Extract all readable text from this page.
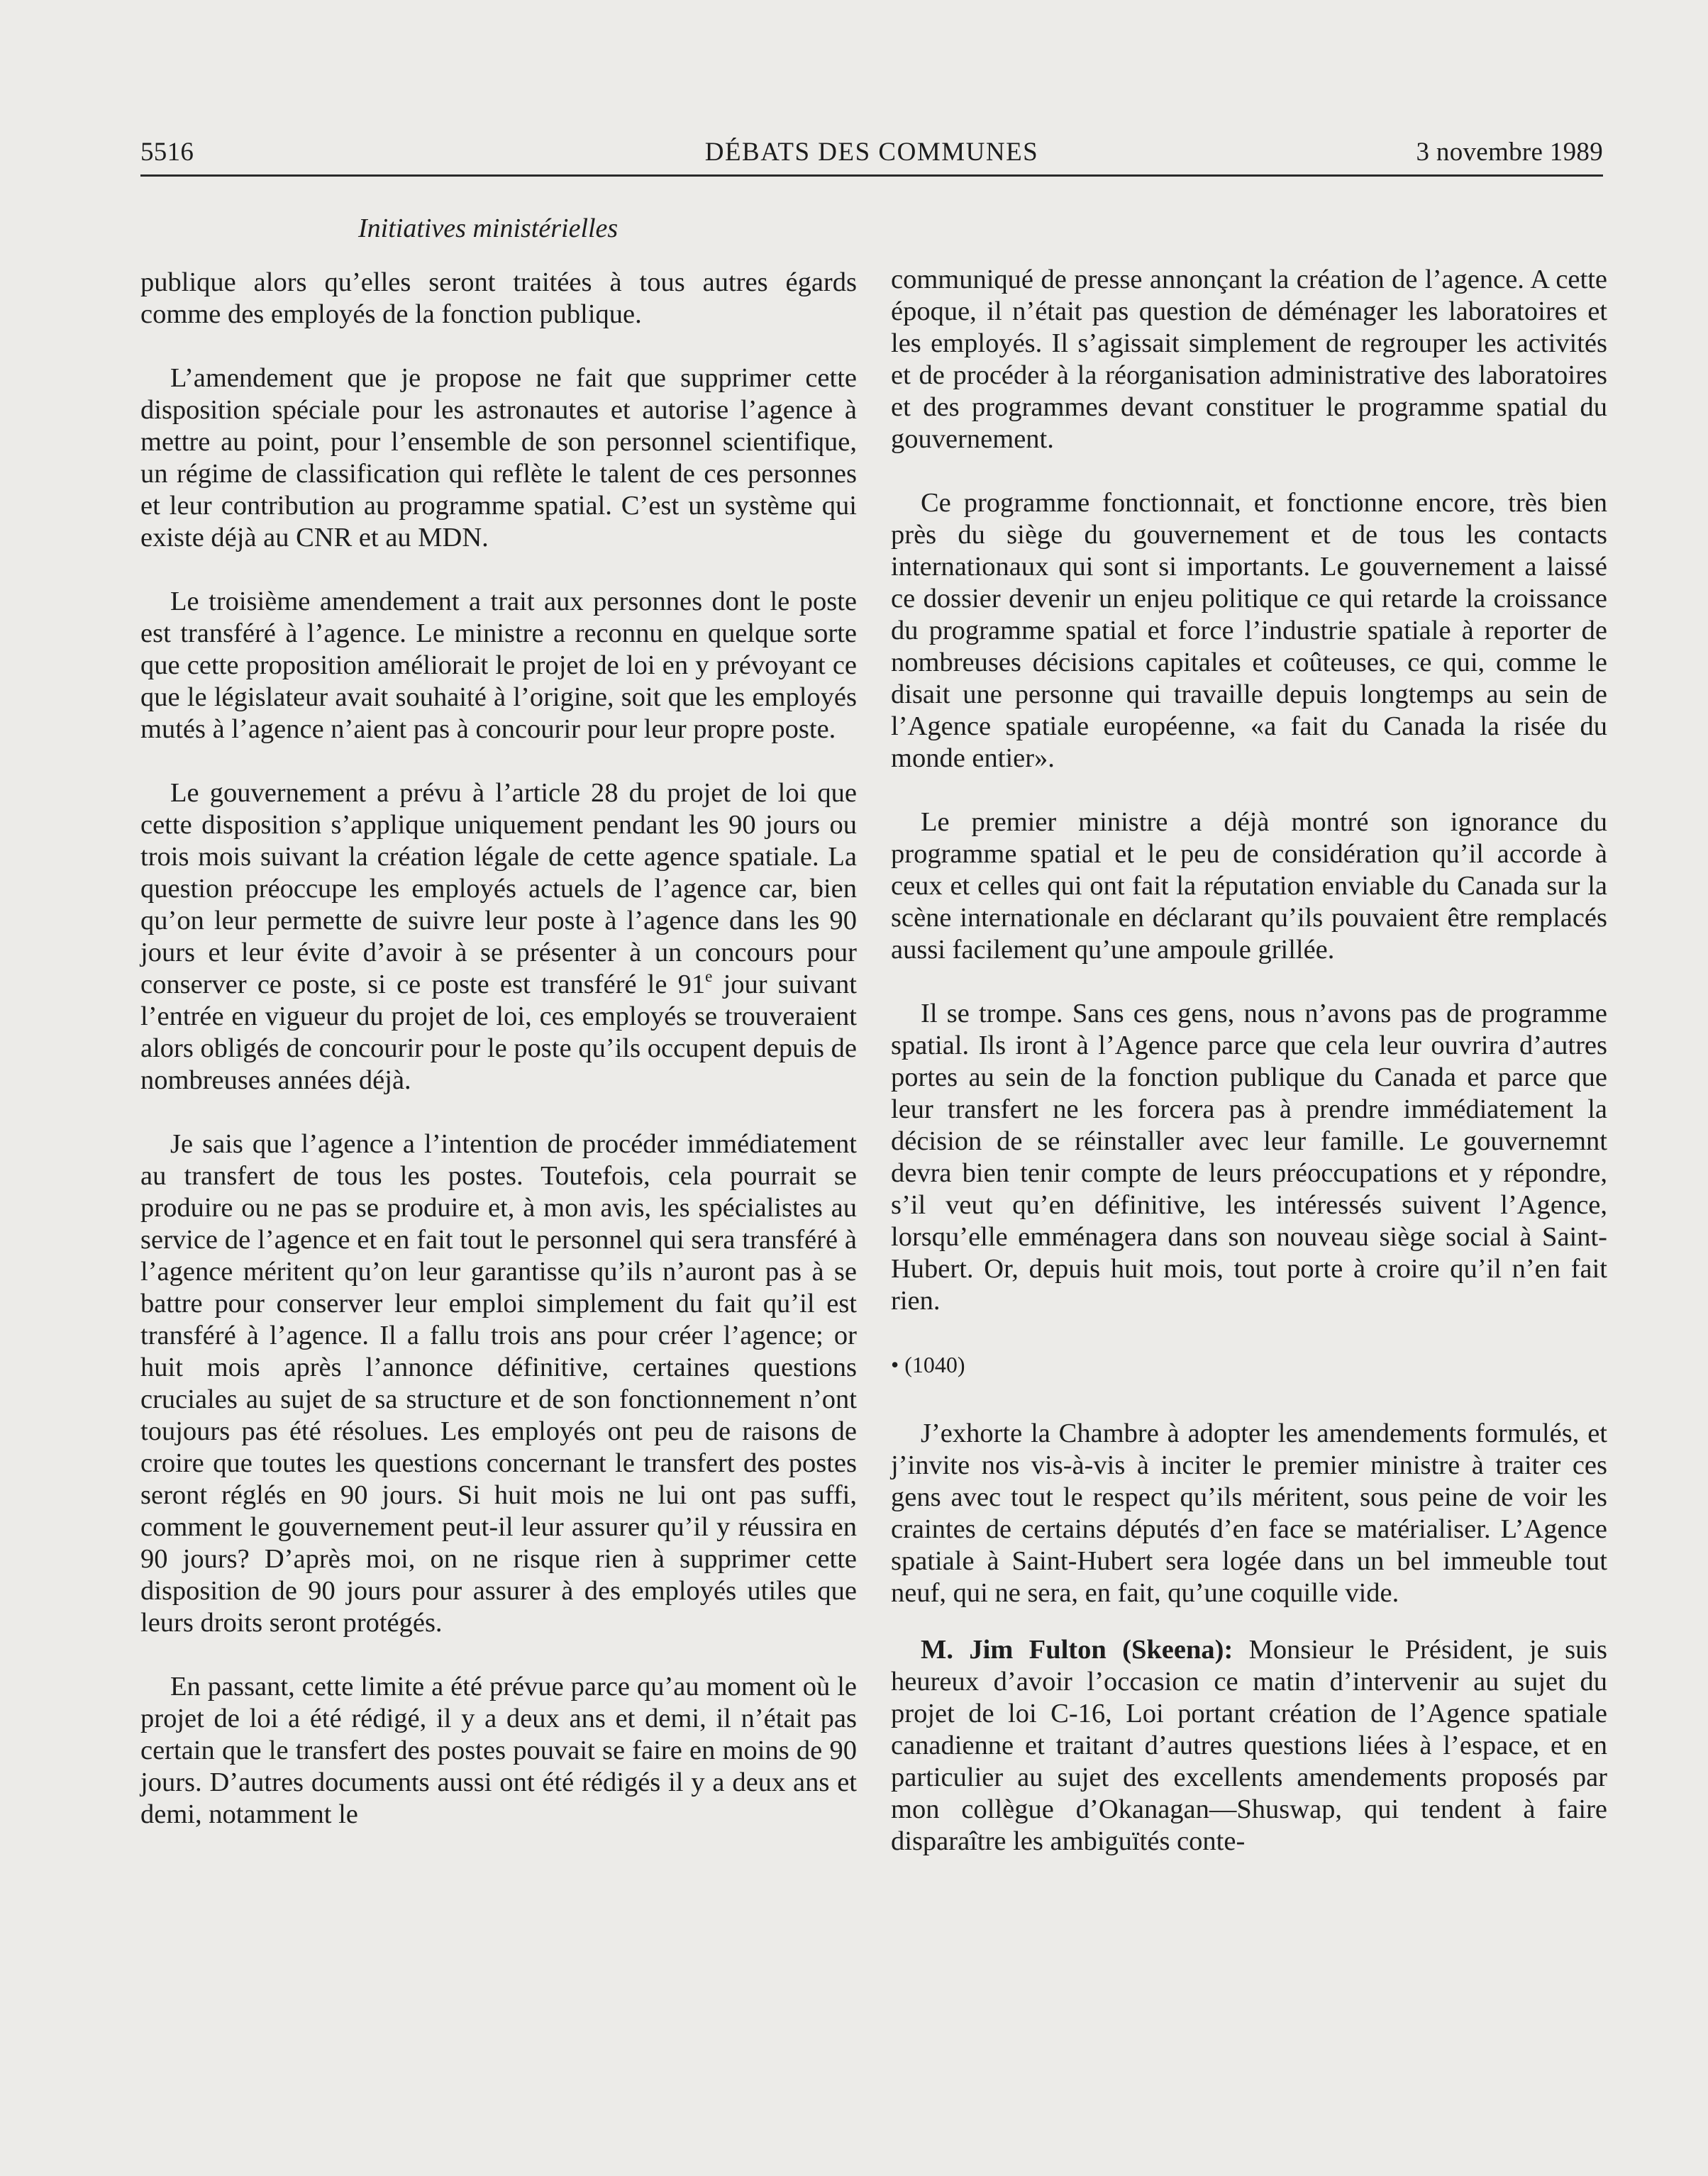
5516	DÉBATS DES COMMUNES	3 novembre 1989
Initiatives ministérielles

publique alors qu’elles seront traitées à tous autres égards comme des employés de la fonction publique.

L’amendement que je propose ne fait que supprimer cette disposition spéciale pour les astronautes et autorise l’agence à mettre au point, pour l’ensemble de son personnel scientifique, un régime de classification qui reflète le talent de ces personnes et leur contribution au programme spatial. C’est un système qui existe déjà au CNR et au MDN.

Le troisième amendement a trait aux personnes dont le poste est transféré à l’agence. Le ministre a reconnu en quelque sorte que cette proposition améliorait le projet de loi en y prévoyant ce que le législateur avait souhaité à l’origine, soit que les employés mutés à l’agence n’aient pas à concourir pour leur propre poste.

Le gouvernement a prévu à l’article 28 du projet de loi que cette disposition s’applique uniquement pendant les 90 jours ou trois mois suivant la création légale de cette agence spatiale. La question préoccupe les employés actuels de l’agence car, bien qu’on leur permette de suivre leur poste à l’agence dans les 90 jours et leur évite d’avoir à se présenter à un concours pour conserver ce poste, si ce poste est transféré le 91e jour suivant l’entrée en vigueur du projet de loi, ces employés se trouveraient alors obligés de concourir pour le poste qu’ils occupent depuis de nombreuses années déjà.

Je sais que l’agence a l’intention de procéder immédiatement au transfert de tous les postes. Toutefois, cela pourrait se produire ou ne pas se produire et, à mon avis, les spécialistes au service de l’agence et en fait tout le personnel qui sera transféré à l’agence méritent qu’on leur garantisse qu’ils n’auront pas à se battre pour conserver leur emploi simplement du fait qu’il est transféré à l’agence. Il a fallu trois ans pour créer l’agence; or huit mois après l’annonce définitive, certaines questions cruciales au sujet de sa structure et de son fonctionnement n’ont toujours pas été résolues. Les employés ont peu de raisons de croire que toutes les questions concernant le transfert des postes seront réglés en 90 jours. Si huit mois ne lui ont pas suffi, comment le gouvernement peut-il leur assurer qu’il y réussira en 90 jours? D’après moi, on ne risque rien à supprimer cette disposition de 90 jours pour assurer à des employés utiles que leurs droits seront protégés.

En passant, cette limite a été prévue parce qu’au moment où le projet de loi a été rédigé, il y a deux ans et demi, il n’était pas certain que le transfert des postes pouvait se faire en moins de 90 jours. D’autres documents aussi ont été rédigés il y a deux ans et demi, notamment le

communiqué de presse annonçant la création de l’agence. A cette époque, il n’était pas question de déménager les laboratoires et les employés. Il s’agissait simplement de regrouper les activités et de procéder à la réorganisation administrative des laboratoires et des programmes devant constituer le programme spatial du gouvernement.

Ce programme fonctionnait, et fonctionne encore, très bien près du siège du gouvernement et de tous les contacts internationaux qui sont si importants. Le gouvernement a laissé ce dossier devenir un enjeu politique ce qui retarde la croissance du programme spatial et force l’industrie spatiale à reporter de nombreuses décisions capitales et coûteuses, ce qui, comme le disait une personne qui travaille depuis longtemps au sein de l’Agence spatiale européenne, «a fait du Canada la risée du monde entier».

Le premier ministre a déjà montré son ignorance du programme spatial et le peu de considération qu’il accorde à ceux et celles qui ont fait la réputation enviable du Canada sur la scène internationale en déclarant qu’ils pouvaient être remplacés aussi facilement qu’une ampoule grillée.

Il se trompe. Sans ces gens, nous n’avons pas de programme spatial. Ils iront à l’Agence parce que cela leur ouvrira d’autres portes au sein de la fonction publique du Canada et parce que leur transfert ne les forcera pas à prendre immédiatement la décision de se réinstaller avec leur famille. Le gouvernemnt devra bien tenir compte de leurs préoccupations et y répondre, s’il veut qu’en définitive, les intéressés suivent l’Agence, lorsqu’elle emménagera dans son nouveau siège social à Saint-Hubert. Or, depuis huit mois, tout porte à croire qu’il n’en fait rien.

• (1040)

J’exhorte la Chambre à adopter les amendements formulés, et j’invite nos vis-à-vis à inciter le premier ministre à traiter ces gens avec tout le respect qu’ils méritent, sous peine de voir les craintes de certains députés d’en face se matérialiser. L’Agence spatiale à Saint-Hubert sera logée dans un bel immeuble tout neuf, qui ne sera, en fait, qu’une coquille vide.

M. Jim Fulton (Skeena): Monsieur le Président, je suis heureux d’avoir l’occasion ce matin d’intervenir au sujet du projet de loi C-16, Loi portant création de l’Agence spatiale canadienne et traitant d’autres questions liées à l’espace, et en particulier au sujet des excellents amendements proposés par mon collègue d’Okanagan—Shuswap, qui tendent à faire disparaître les ambiguïtés conte-
